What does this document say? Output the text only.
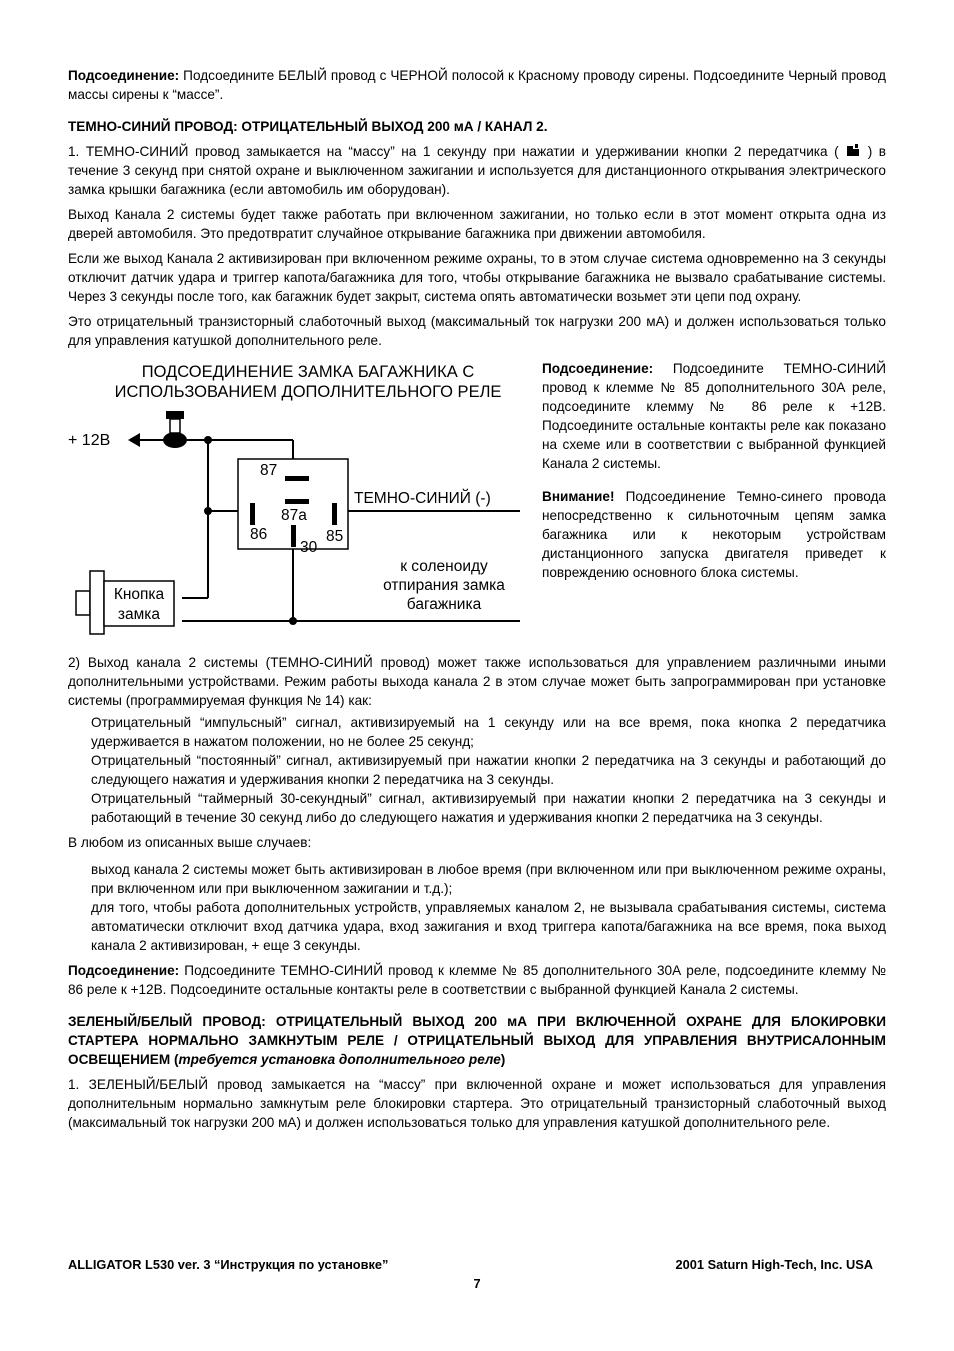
Подсоединение: Подсоедините БЕЛЫЙ провод с ЧЕРНОЙ полосой к Красному проводу сирены. Подсоедините Черный провод массы сирены к “массе”.

ТЕМНО-СИНИЙ ПРОВОД: ОТРИЦАТЕЛЬНЫЙ ВЫХОД 200 мА / КАНАЛ 2.

1. ТЕМНО-СИНИЙ провод замыкается на “массу” на 1 секунду при нажатии и удерживании кнопки 2 передатчика ( ) в течение 3 секунд при снятой охране и выключенном зажигании и используется для дистанционного открывания электрического замка крышки багажника (если автомобиль им оборудован).

Выход Канала 2 системы будет также работать при включенном зажигании, но только если в этот момент открыта одна из дверей автомобиля. Это предотвратит случайное открывание багажника при движении автомобиля.

Если же выход Канала 2 активизирован при включенном режиме охраны, то в этом случае система одновременно на 3 секунды отключит датчик удара и триггер капота/багажника для того, чтобы открывание багажника не вызвало срабатывание системы. Через 3 секунды после того, как багажник будет закрыт, система опять автоматически возьмет эти цепи под охрану.

Это отрицательный транзисторный слаботочный выход (максимальный ток нагрузки 200 мА) и должен использоваться только для управления катушкой дополнительного реле.

ПОДСОЕДИНЕНИЕ ЗАМКА БАГАЖНИКА С
ИСПОЛЬЗОВАНИЕМ ДОПОЛНИТЕЛЬНОГО РЕЛЕ
+ 12В
87
87а
86	85
30
ТЕМНО-СИНИЙ (-)
к соленоиду
отпирания замка
багажника
Кнопка
замка

Подсоединение: Подсоедините ТЕМНО-СИНИЙ провод к клемме № 85 дополнительного 30А реле, подсоедините клемму № 86 реле к +12В. Подсоедините остальные контакты реле как показано на схеме или в соответствии с выбранной функцией Канала 2 системы.

Внимание! Подсоединение Темно-синего провода непосредственно к сильноточным цепям замка багажника или к некоторым устройствам дистанционного запуска двигателя приведет к повреждению основного блока системы.

2) Выход канала 2 системы (ТЕМНО-СИНИЙ провод) может также использоваться для управлением различными иными дополнительными устройствами. Режим работы выхода канала 2 в этом случае может быть запрограммирован при установке системы (программируемая функция № 14) как:

Отрицательный “импульсный” сигнал, активизируемый на 1 секунду или на все время, пока кнопка 2 передатчика удерживается в нажатом положении, но не более 25 секунд;

Отрицательный “постоянный” сигнал, активизируемый при нажатии кнопки 2 передатчика на 3 секунды и работающий до следующего нажатия и удерживания кнопки 2 передатчика на 3 секунды.

Отрицательный “таймерный 30-секундный” сигнал, активизируемый при нажатии кнопки 2 передатчика на 3 секунды и работающий в течение 30 секунд либо до следующего нажатия и удерживания кнопки 2 передатчика на 3 секунды.

В любом из описанных выше случаев:

выход канала 2 системы может быть активизирован в любое время (при включенном или при выключенном режиме охраны, при включенном или при выключенном зажигании и т.д.);

для того, чтобы работа дополнительных устройств, управляемых каналом 2, не вызывала срабатывания системы, система автоматически отключит вход датчика удара, вход зажигания и вход триггера капота/багажника на все время, пока выход канала 2 активизирован, + еще 3 секунды.

Подсоединение: Подсоедините ТЕМНО-СИНИЙ провод к клемме № 85 дополнительного 30А реле, подсоедините клемму № 86 реле к +12В. Подсоедините остальные контакты реле в соответствии с выбранной функцией Канала 2 системы.

ЗЕЛЕНЫЙ/БЕЛЫЙ ПРОВОД: ОТРИЦАТЕЛЬНЫЙ ВЫХОД 200 мА ПРИ ВКЛЮЧЕННОЙ ОХРАНЕ ДЛЯ БЛОКИРОВКИ СТАРТЕРА НОРМАЛЬНО ЗАМКНУТЫМ РЕЛЕ / ОТРИЦАТЕЛЬНЫЙ ВЫХОД ДЛЯ УПРАВЛЕНИЯ ВНУТРИСАЛОННЫМ ОСВЕЩЕНИЕМ (требуется установка дополнительного реле)

1. ЗЕЛЕНЫЙ/БЕЛЫЙ провод замыкается на “массу” при включенной охране и может использоваться для управления дополнительным нормально замкнутым реле блокировки стартера. Это отрицательный транзисторный слаботочный выход (максимальный ток нагрузки 200 мА) и должен использоваться только для управления катушкой дополнительного реле.

ALLIGATOR L530 ver. 3 “Инструкция по установке”	2001 Saturn High-Tech, Inc. USA
7
